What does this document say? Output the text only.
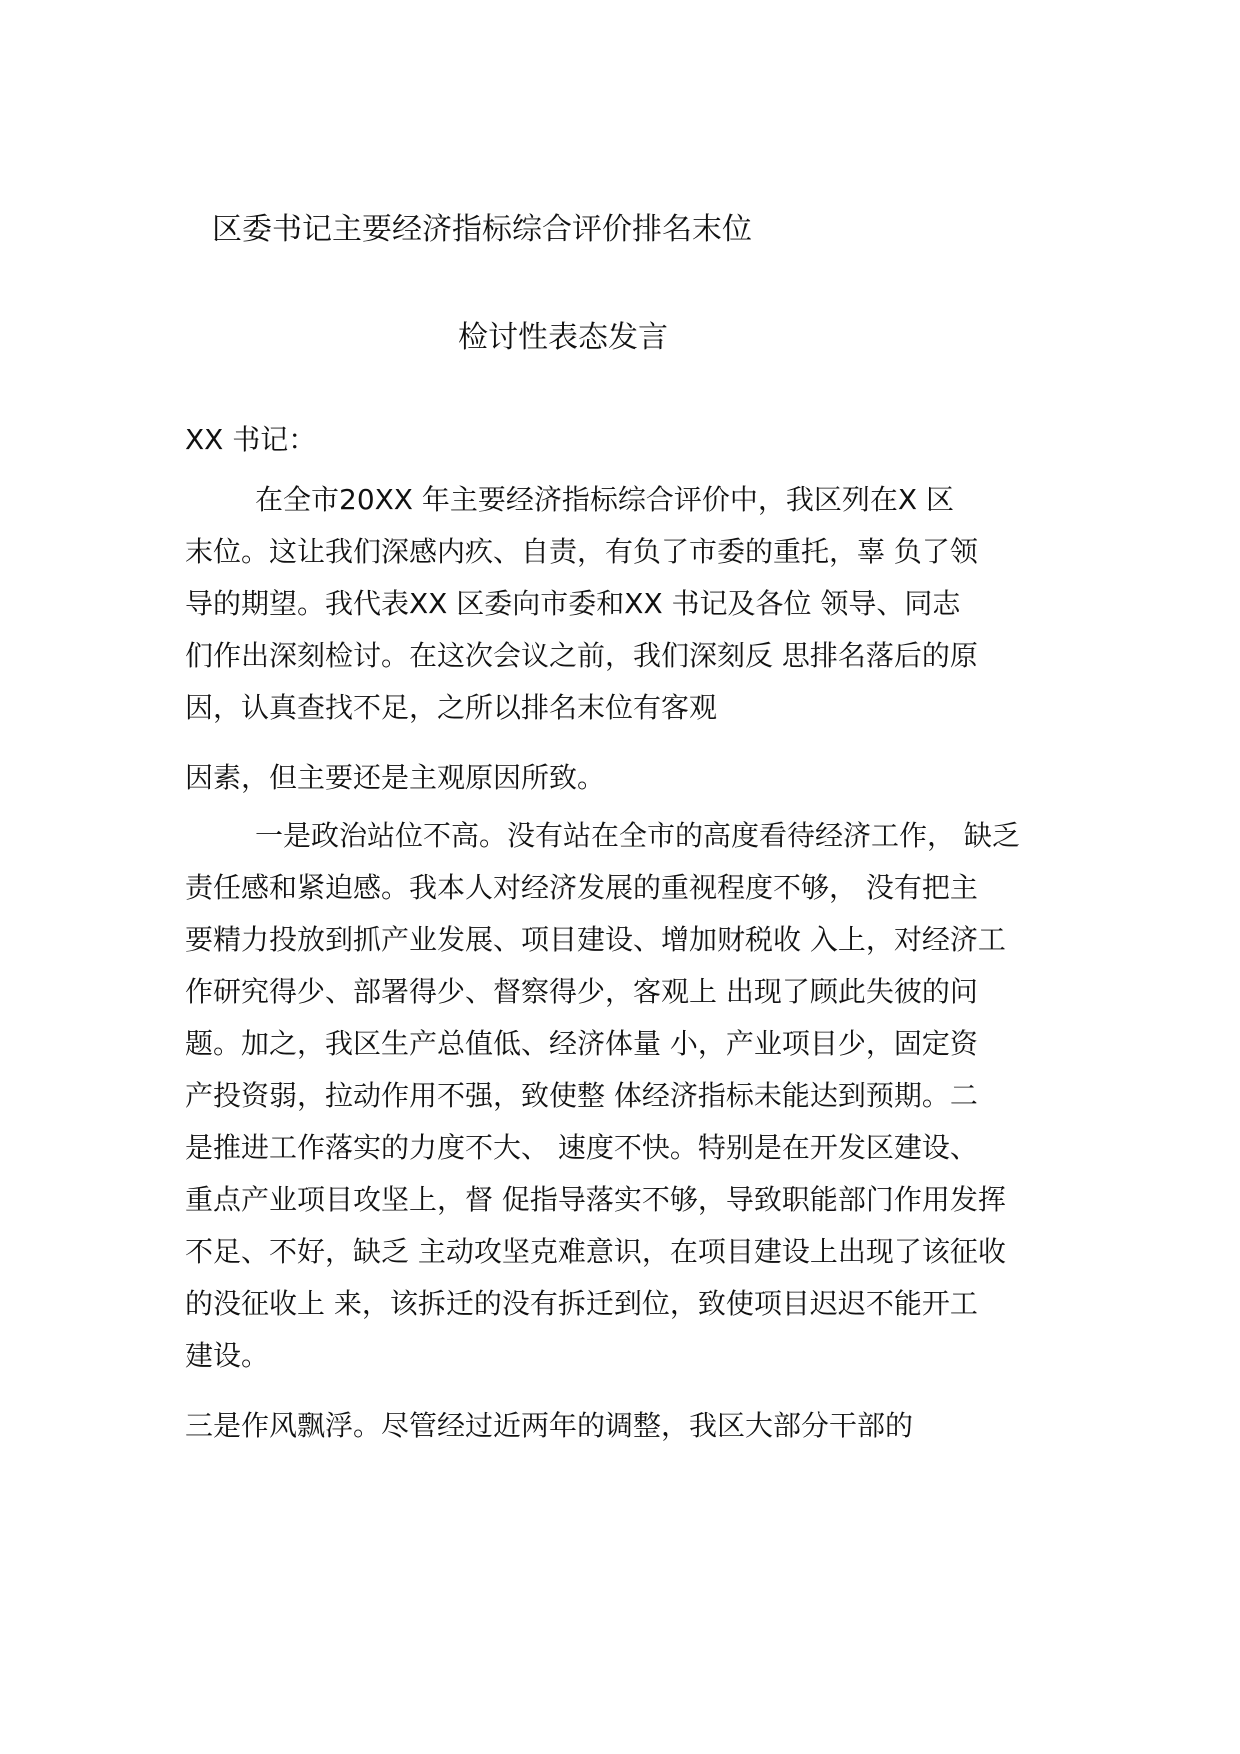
区委书记主要经济指标综合评价排名末位
检讨性表态发言
XX 书记：
在全市20XX 年主要经济指标综合评价中，我区列在X 区
末位。这让我们深感内疚、自责，有负了市委的重托，辜 负了领
导的期望。我代表XX 区委向市委和XX 书记及各位 领导、同志
们作出深刻检讨。在这次会议之前，我们深刻反 思排名落后的原
因，认真查找不足，之所以排名末位有客观
因素，但主要还是主观原因所致。
一是政治站位不高。没有站在全市的高度看待经济工作， 缺乏
责任感和紧迫感。我本人对经济发展的重视程度不够， 没有把主
要精力投放到抓产业发展、项目建设、增加财税收 入上，对经济工
作研究得少、部署得少、督察得少，客观上 出现了顾此失彼的问
题。加之，我区生产总值低、经济体量 小，产业项目少，固定资
产投资弱，拉动作用不强，致使整 体经济指标未能达到预期。二
是推进工作落实的力度不大、 速度不快。特别是在开发区建设、
重点产业项目攻坚上，督 促指导落实不够，导致职能部门作用发挥
不足、不好，缺乏 主动攻坚克难意识，在项目建设上出现了该征收
的没征收上 来，该拆迁的没有拆迁到位，致使项目迟迟不能开工
建设。
三是作风飘浮。尽管经过近两年的调整，我区大部分干部的
